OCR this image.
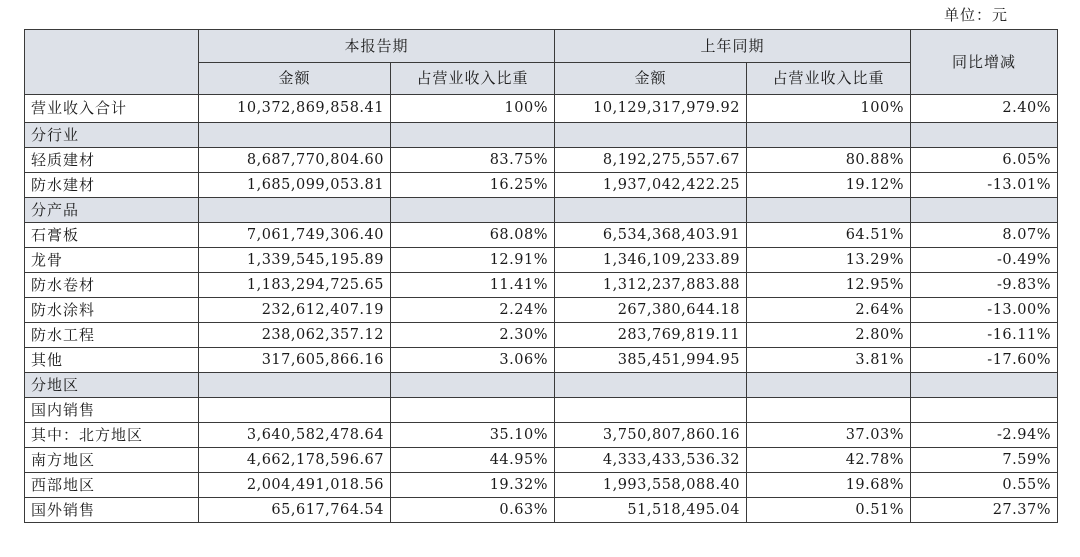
单位：元
	本报告期		上年同期		同比增减
	金额	占营业收入比重	金额	占营业收入比重	
营业收入合计	10,372,869,858.41	100%	10,129,317,979.92	100%	2.40%
分行业					
轻质建材	8,687,770,804.60	83.75%	8,192,275,557.67	80.88%	6.05%
防水建材	1,685,099,053.81	16.25%	1,937,042,422.25	19.12%	-13.01%
分产品					
石膏板	7,061,749,306.40	68.08%	6,534,368,403.91	64.51%	8.07%
龙骨	1,339,545,195.89	12.91%	1,346,109,233.89	13.29%	-0.49%
防水卷材	1,183,294,725.65	11.41%	1,312,237,883.88	12.95%	-9.83%
防水涂料	232,612,407.19	2.24%	267,380,644.18	2.64%	-13.00%
防水工程	238,062,357.12	2.30%	283,769,819.11	2.80%	-16.11%
其他	317,605,866.16	3.06%	385,451,994.95	3.81%	-17.60%
分地区					
国内销售					
其中：北方地区	3,640,582,478.64	35.10%	3,750,807,860.16	37.03%	-2.94%
南方地区	4,662,178,596.67	44.95%	4,333,433,536.32	42.78%	7.59%
西部地区	2,004,491,018.56	19.32%	1,993,558,088.40	19.68%	0.55%
国外销售	65,617,764.54	0.63%	51,518,495.04	0.51%	27.37%
